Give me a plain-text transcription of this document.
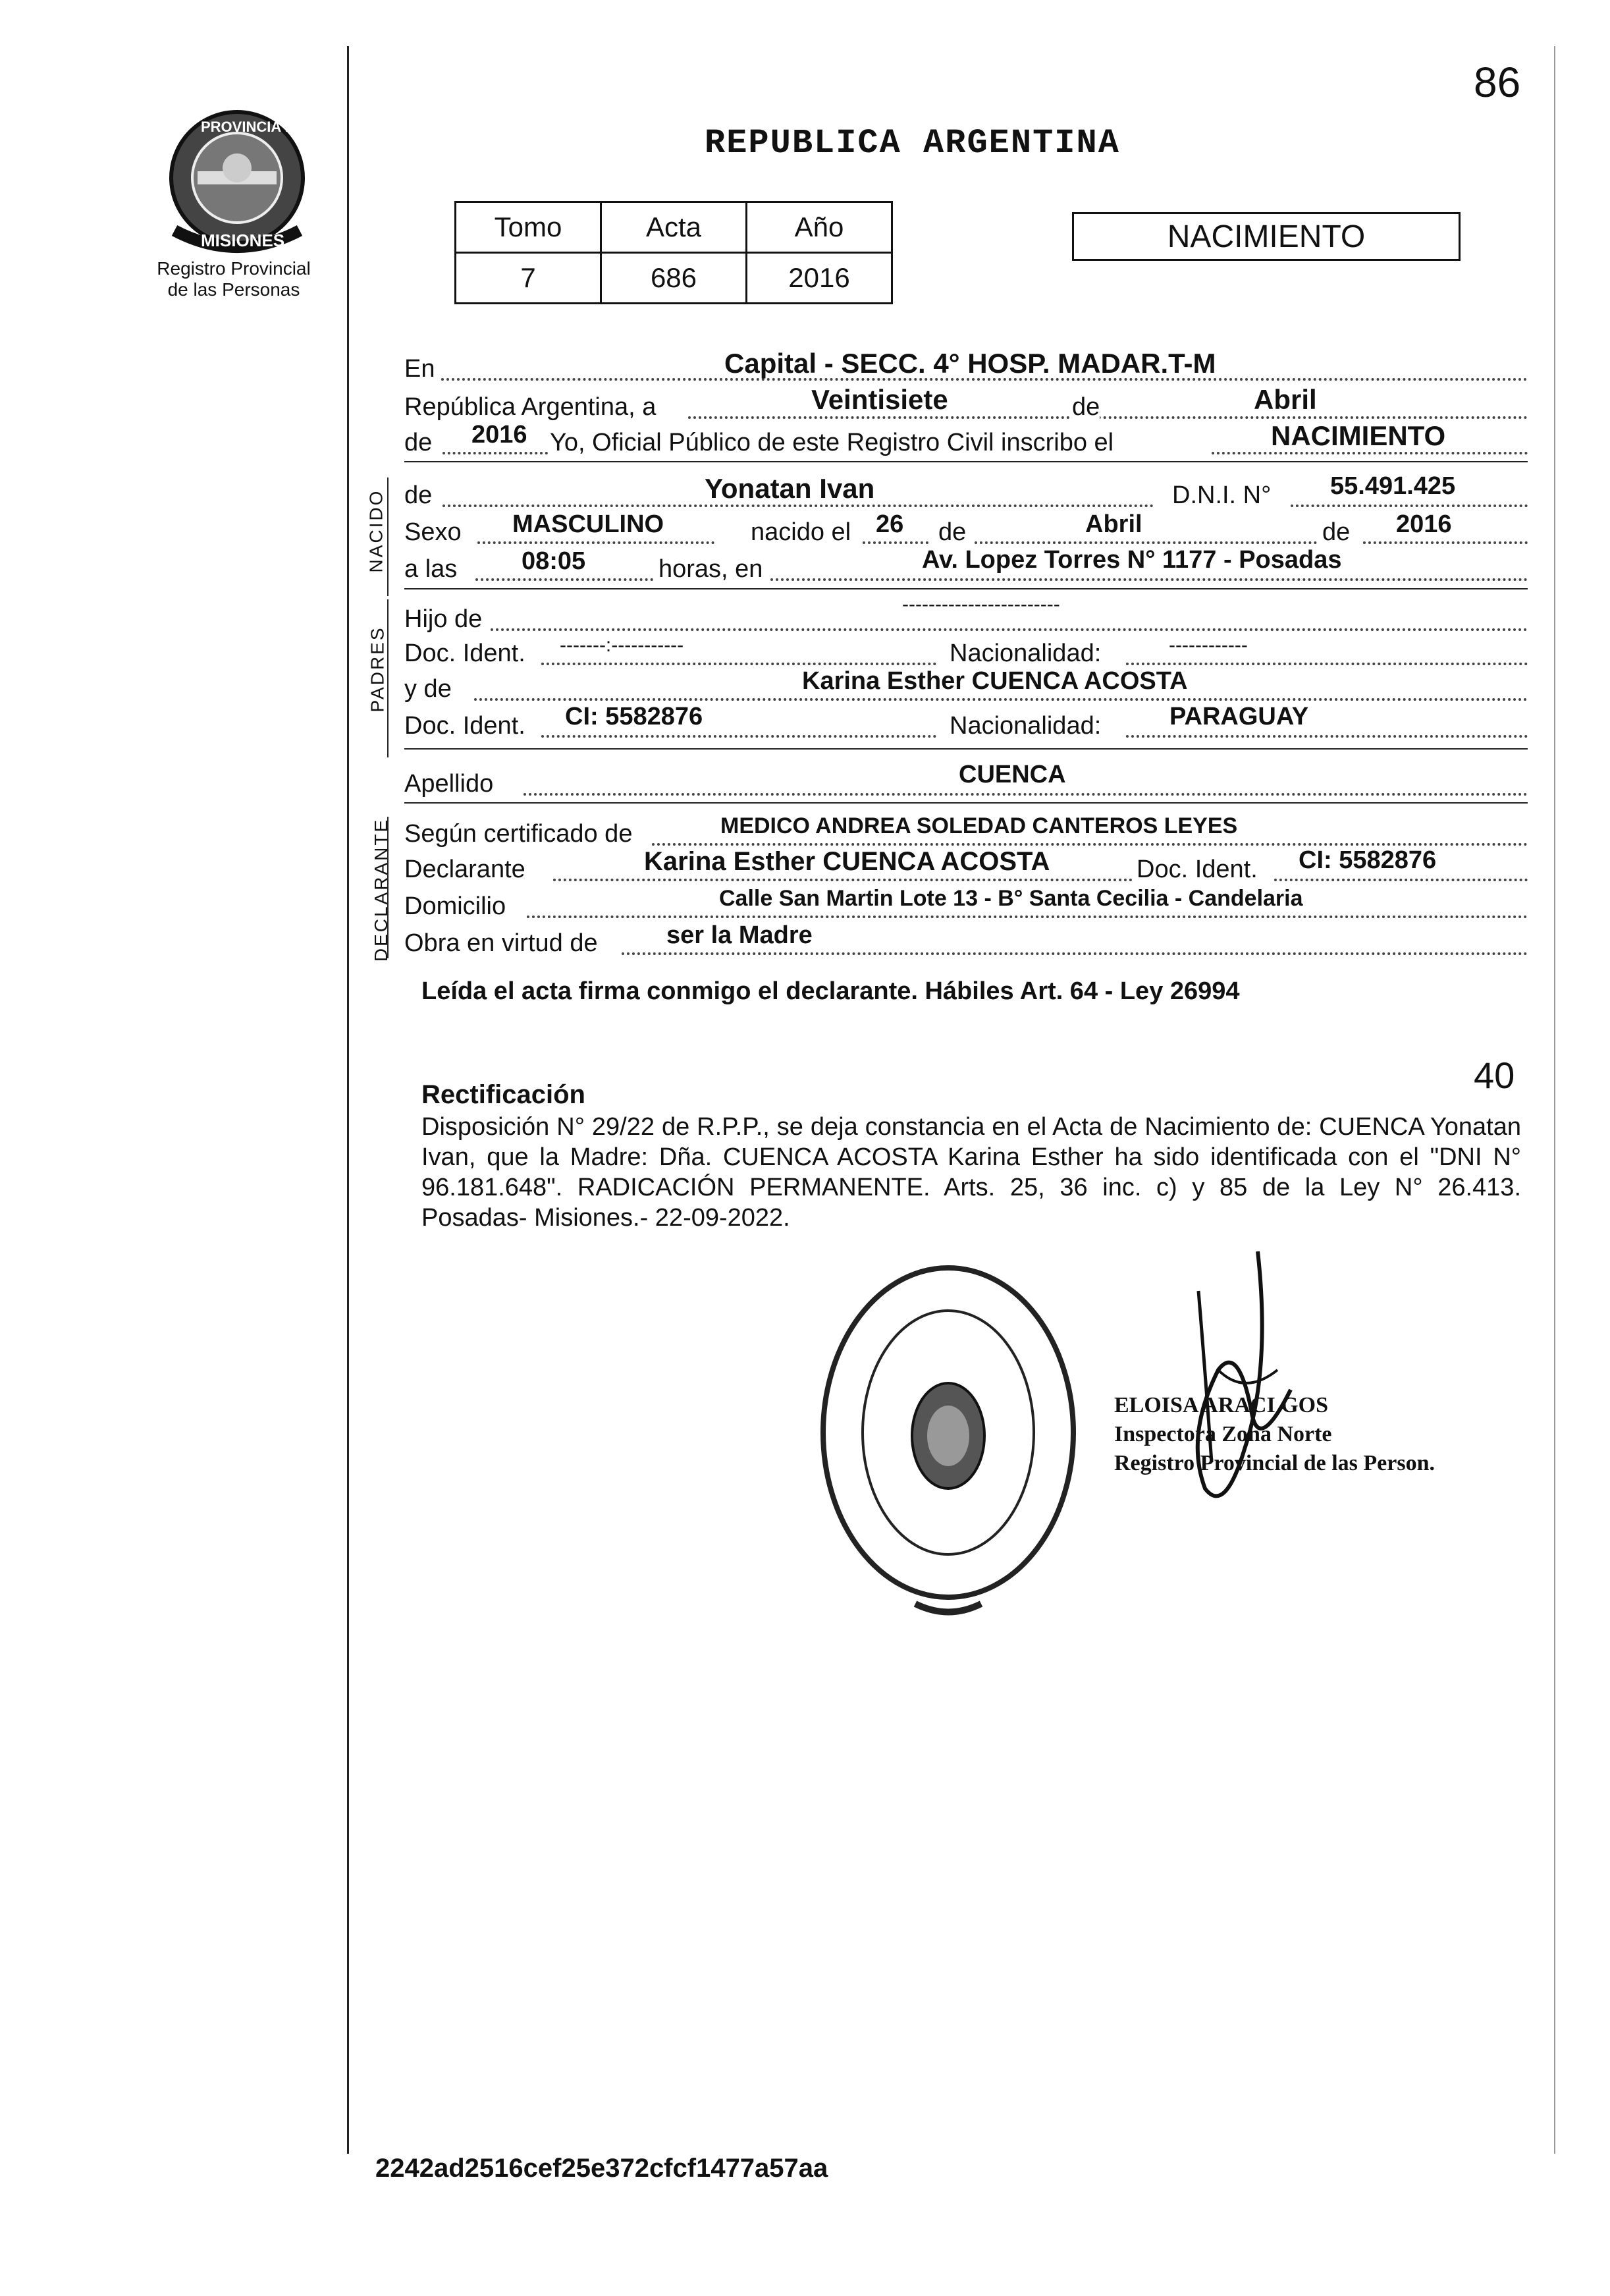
PROVINCIA DE
MISIONES
Registro Provincial
de las Personas
86
REPUBLICA ARGENTINA
Tomo	Acta	Año
7	686	2016
NACIMIENTO
En	Capital - SECC. 4° HOSP. MADAR.T-M
República Argentina, a	Veintisiete	de	Abril
de 2016 Yo, Oficial Público de este Registro Civil inscribo el	NACIMIENTO
NACIDO de	Yonatan Ivan	D.N.I. N° 55.491.425
Sexo MASCULINO	nacido el 26 de	Abril	de 2016
a las	08:05	horas, en	Av. Lopez Torres N° 1177 - Posadas
PADRES
Hijo de
------------------------
Doc. Ident. -------:-----------	Nacionalidad:	------------
y de	Karina Esther CUENCA ACOSTA
Doc. Ident. CI: 5582876	Nacionalidad:	PARAGUAY
Apellido	CUENCA
DECLARANTE Según certificado de	MEDICO ANDREA SOLEDAD CANTEROS LEYES
Declarante	Karina Esther CUENCA ACOSTA	Doc. Ident. CI: 5582876
Domicilio	Calle San Martin Lote 13 - B° Santa Cecilia - Candelaria
Obra en virtud de	ser la Madre
Leída el acta firma conmigo el declarante. Hábiles Art. 64 - Ley 26994
40
Rectificación
Disposición N° 29/22 de R.P.P., se deja constancia en el Acta de Nacimiento de: CUENCA Yonatan Ivan, que la Madre: Dña. CUENCA ACOSTA Karina Esther ha sido identificada con el "DNI N° 96.181.648". RADICACIÓN PERMANENTE. Arts. 25, 36 inc. c) y 85 de la Ley N° 26.413. Posadas- Misiones.- 22-09-2022.
ELOISA ARACI GOS
Inspectora Zona Norte
Registro Provincial de las Person.
2242ad2516cef25e372cfcf1477a57aa
